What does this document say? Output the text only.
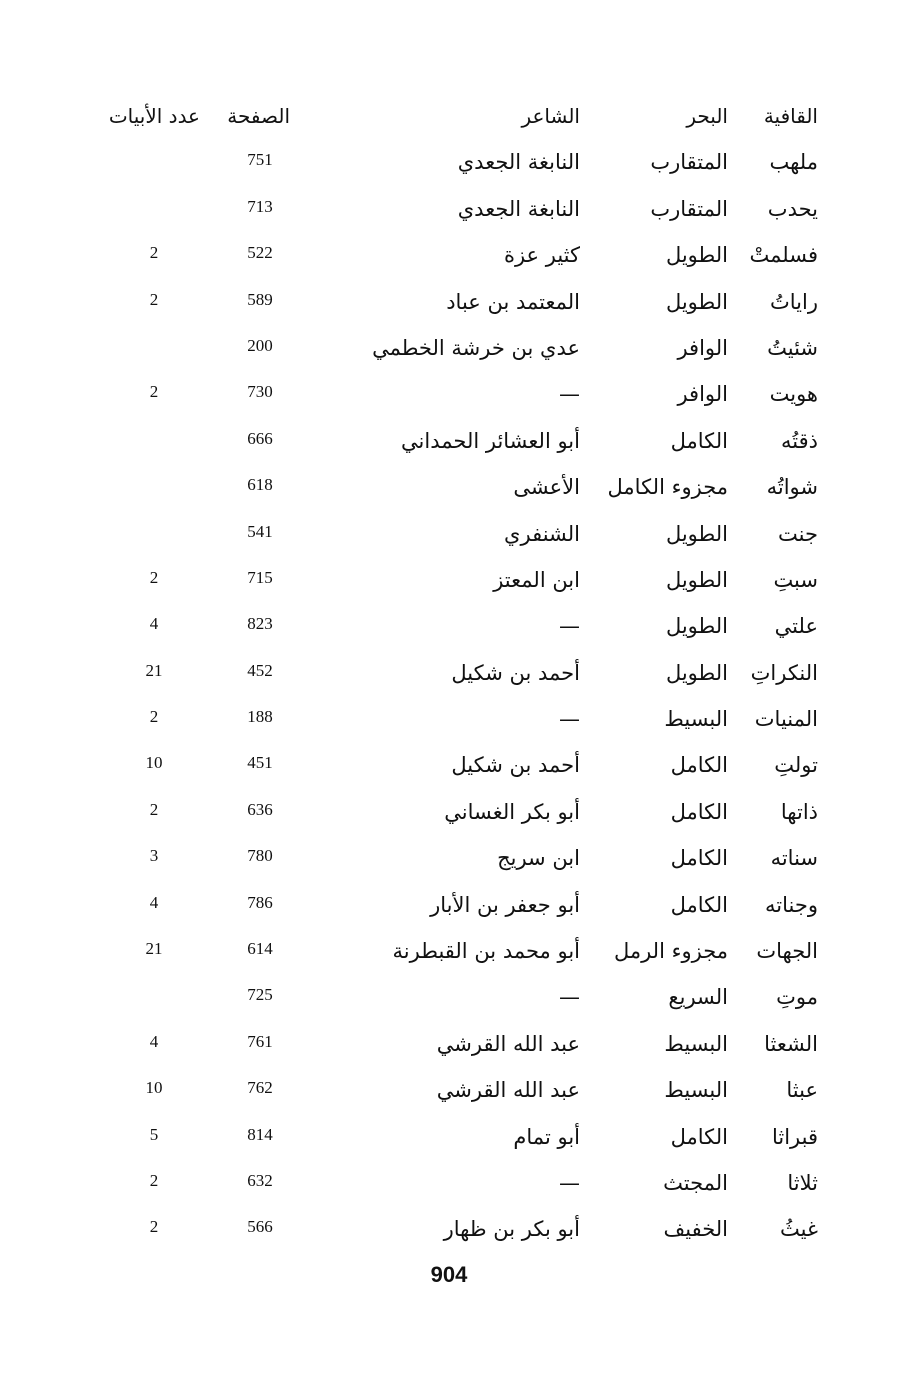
القافية
البحر
الشاعر
الصفحة
عدد الأبيات
ملهب
المتقارب
النابغة الجعدي
751
يحدب
المتقارب
النابغة الجعدي
713
فسلمتْ
الطويل
كثير عزة
522
2
راياتُ
الطويل
المعتمد بن عباد
589
2
شئيتُ
الوافر
عدي بن خرشة الخطمي
200
هويت
الوافر
—
730
2
ذقتُه
الكامل
أبو العشائر الحمداني
666
شواتُه
مجزوء الكامل
الأعشى
618
جنت
الطويل
الشنفري
541
سبتِ
الطويل
ابن المعتز
715
2
علتي
الطويل
—
823
4
النكراتِ
الطويل
أحمد بن شكيل
452
21
المنيات
البسيط
—
188
2
تولتِ
الكامل
أحمد بن شكيل
451
10
ذاتها
الكامل
أبو بكر الغساني
636
2
سناته
الكامل
ابن سريج
780
3
وجناته
الكامل
أبو جعفر بن الأبار
786
4
الجهات
مجزوء الرمل
أبو محمد بن القبطرنة
614
21
موتِ
السريع
—
725
الشعثا
البسيط
عبد الله القرشي
761
4
عبثا
البسيط
عبد الله القرشي
762
10
قبراثا
الكامل
أبو تمام
814
5
ثلاثا
المجتث
—
632
2
غيثُ
الخفيف
أبو بكر بن ظهار
566
2
904
